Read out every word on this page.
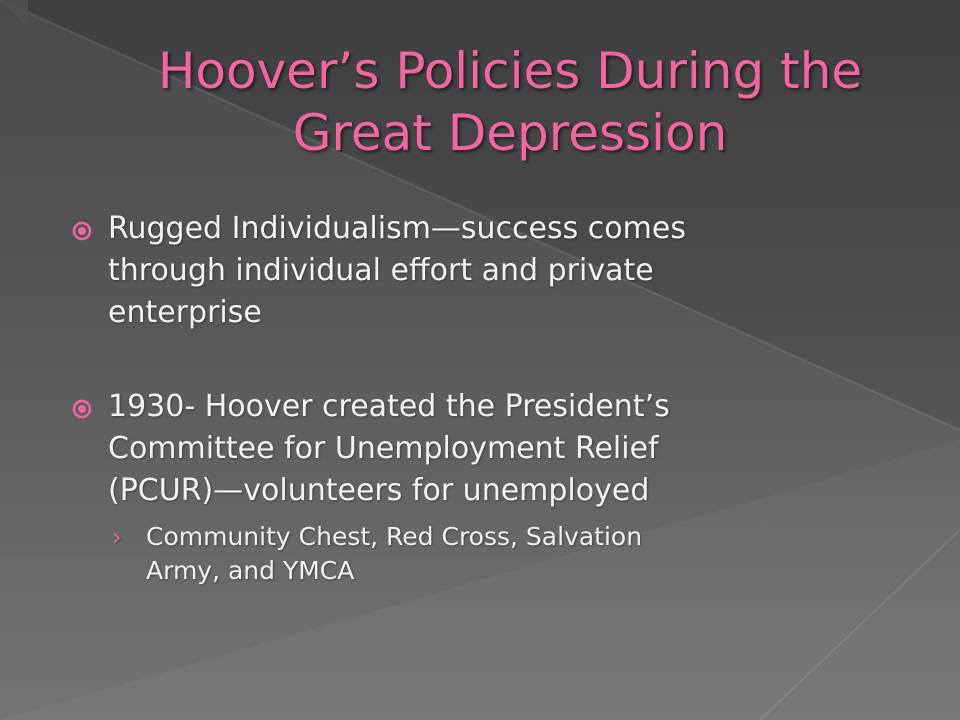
Hoover’s Policies During the
Great Depression
Rugged Individualism—success comes
through individual effort and private
enterprise
1930- Hoover created the President’s
Committee for Unemployment Relief
(PCUR)—volunteers for unemployed
› Community Chest, Red Cross, Salvation
Army, and YMCA
